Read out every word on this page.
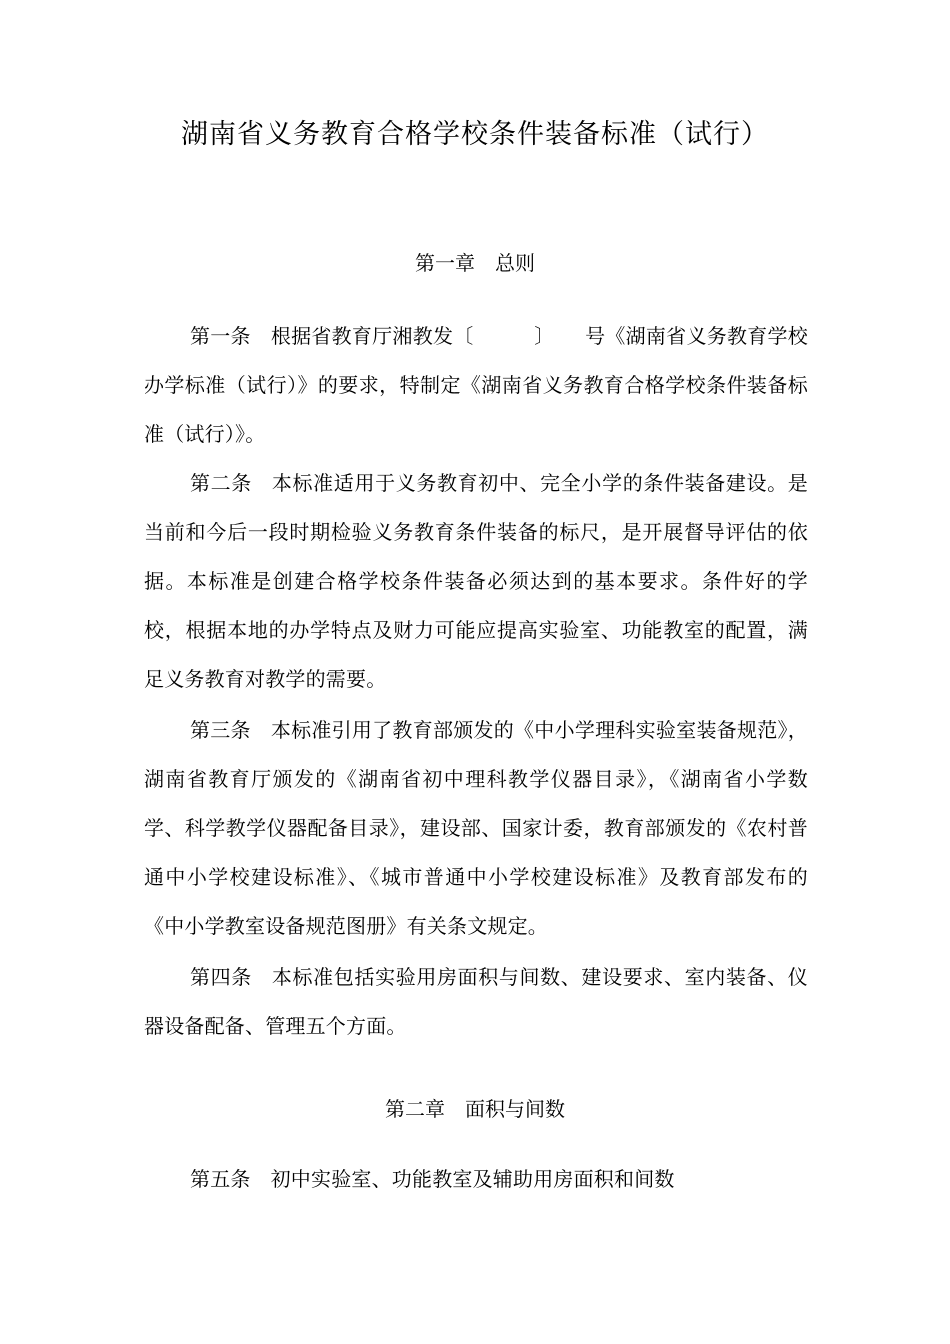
湖南省义务教育合格学校条件装备标准（试行）
第一章　总则

第一条 根据省教育厅湘教发〔　　　〕　　号《湖南省义务教育学校办学标准（试行）》的要求，特制定《湖南省义务教育合格学校条件装备标准（试行）》。

第二条 本标准适用于义务教育初中、完全小学的条件装备建设。是当前和今后一段时期检验义务教育条件装备的标尺，是开展督导评估的依据。本标准是创建合格学校条件装备必须达到的基本要求。条件好的学校，根据本地的办学特点及财力可能应提高实验室、功能教室的配置，满足义务教育对教学的需要。

第三条 本标准引用了教育部颁发的《中小学理科实验室装备规范》，湖南省教育厅颁发的《湖南省初中理科教学仪器目录》，《湖南省小学数学、科学教学仪器配备目录》，建设部、国家计委，教育部颁发的《农村普通中小学校建设标准》、《城市普通中小学校建设标准》及教育部发布的《中小学教室设备规范图册》有关条文规定。

第四条 本标准包括实验用房面积与间数、建设要求、室内装备、仪器设备配备、管理五个方面。

第二章　面积与间数

第五条 初中实验室、功能教室及辅助用房面积和间数
